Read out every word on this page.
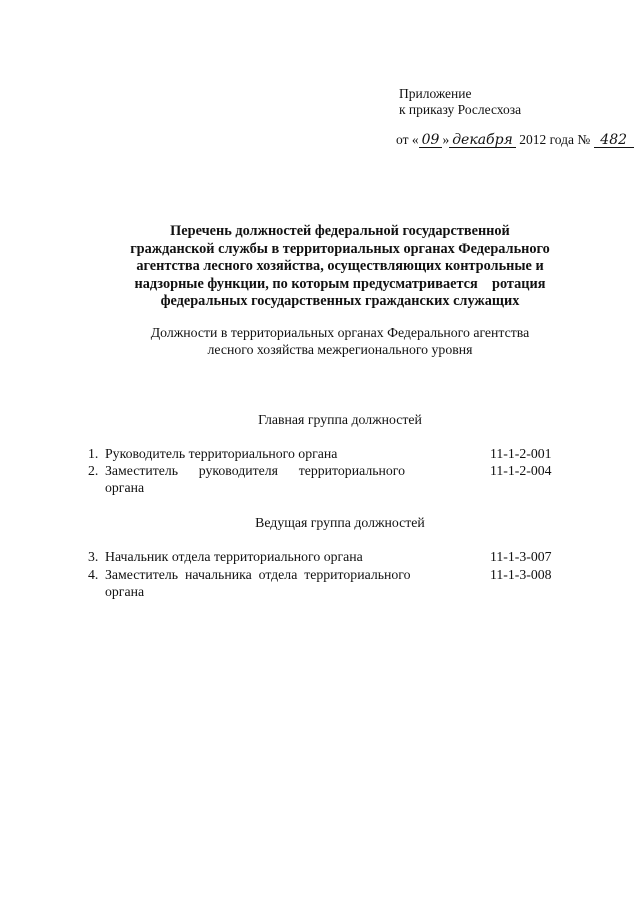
Приложение
к приказу Рослесхоза
от « 09 » декабря 2012 года № 482
Перечень должностей федеральной государственной
гражданской службы в территориальных органах Федерального
агентства лесного хозяйства, осуществляющих контрольные и
надзорные функции, по которым предусматривается    ротация
федеральных государственных гражданских служащих
Должности в территориальных органах Федерального агентства
лесного хозяйства межрегионального уровня
Главная группа должностей
1. Руководитель территориального органа	11-1-2-001
2. Заместитель      руководителя      территориального
органа
11-1-2-004
Ведущая группа должностей
3. Начальник отдела территориального органа	11-1-3-007
4. Заместитель  начальника  отдела  территориального
органа
11-1-3-008
